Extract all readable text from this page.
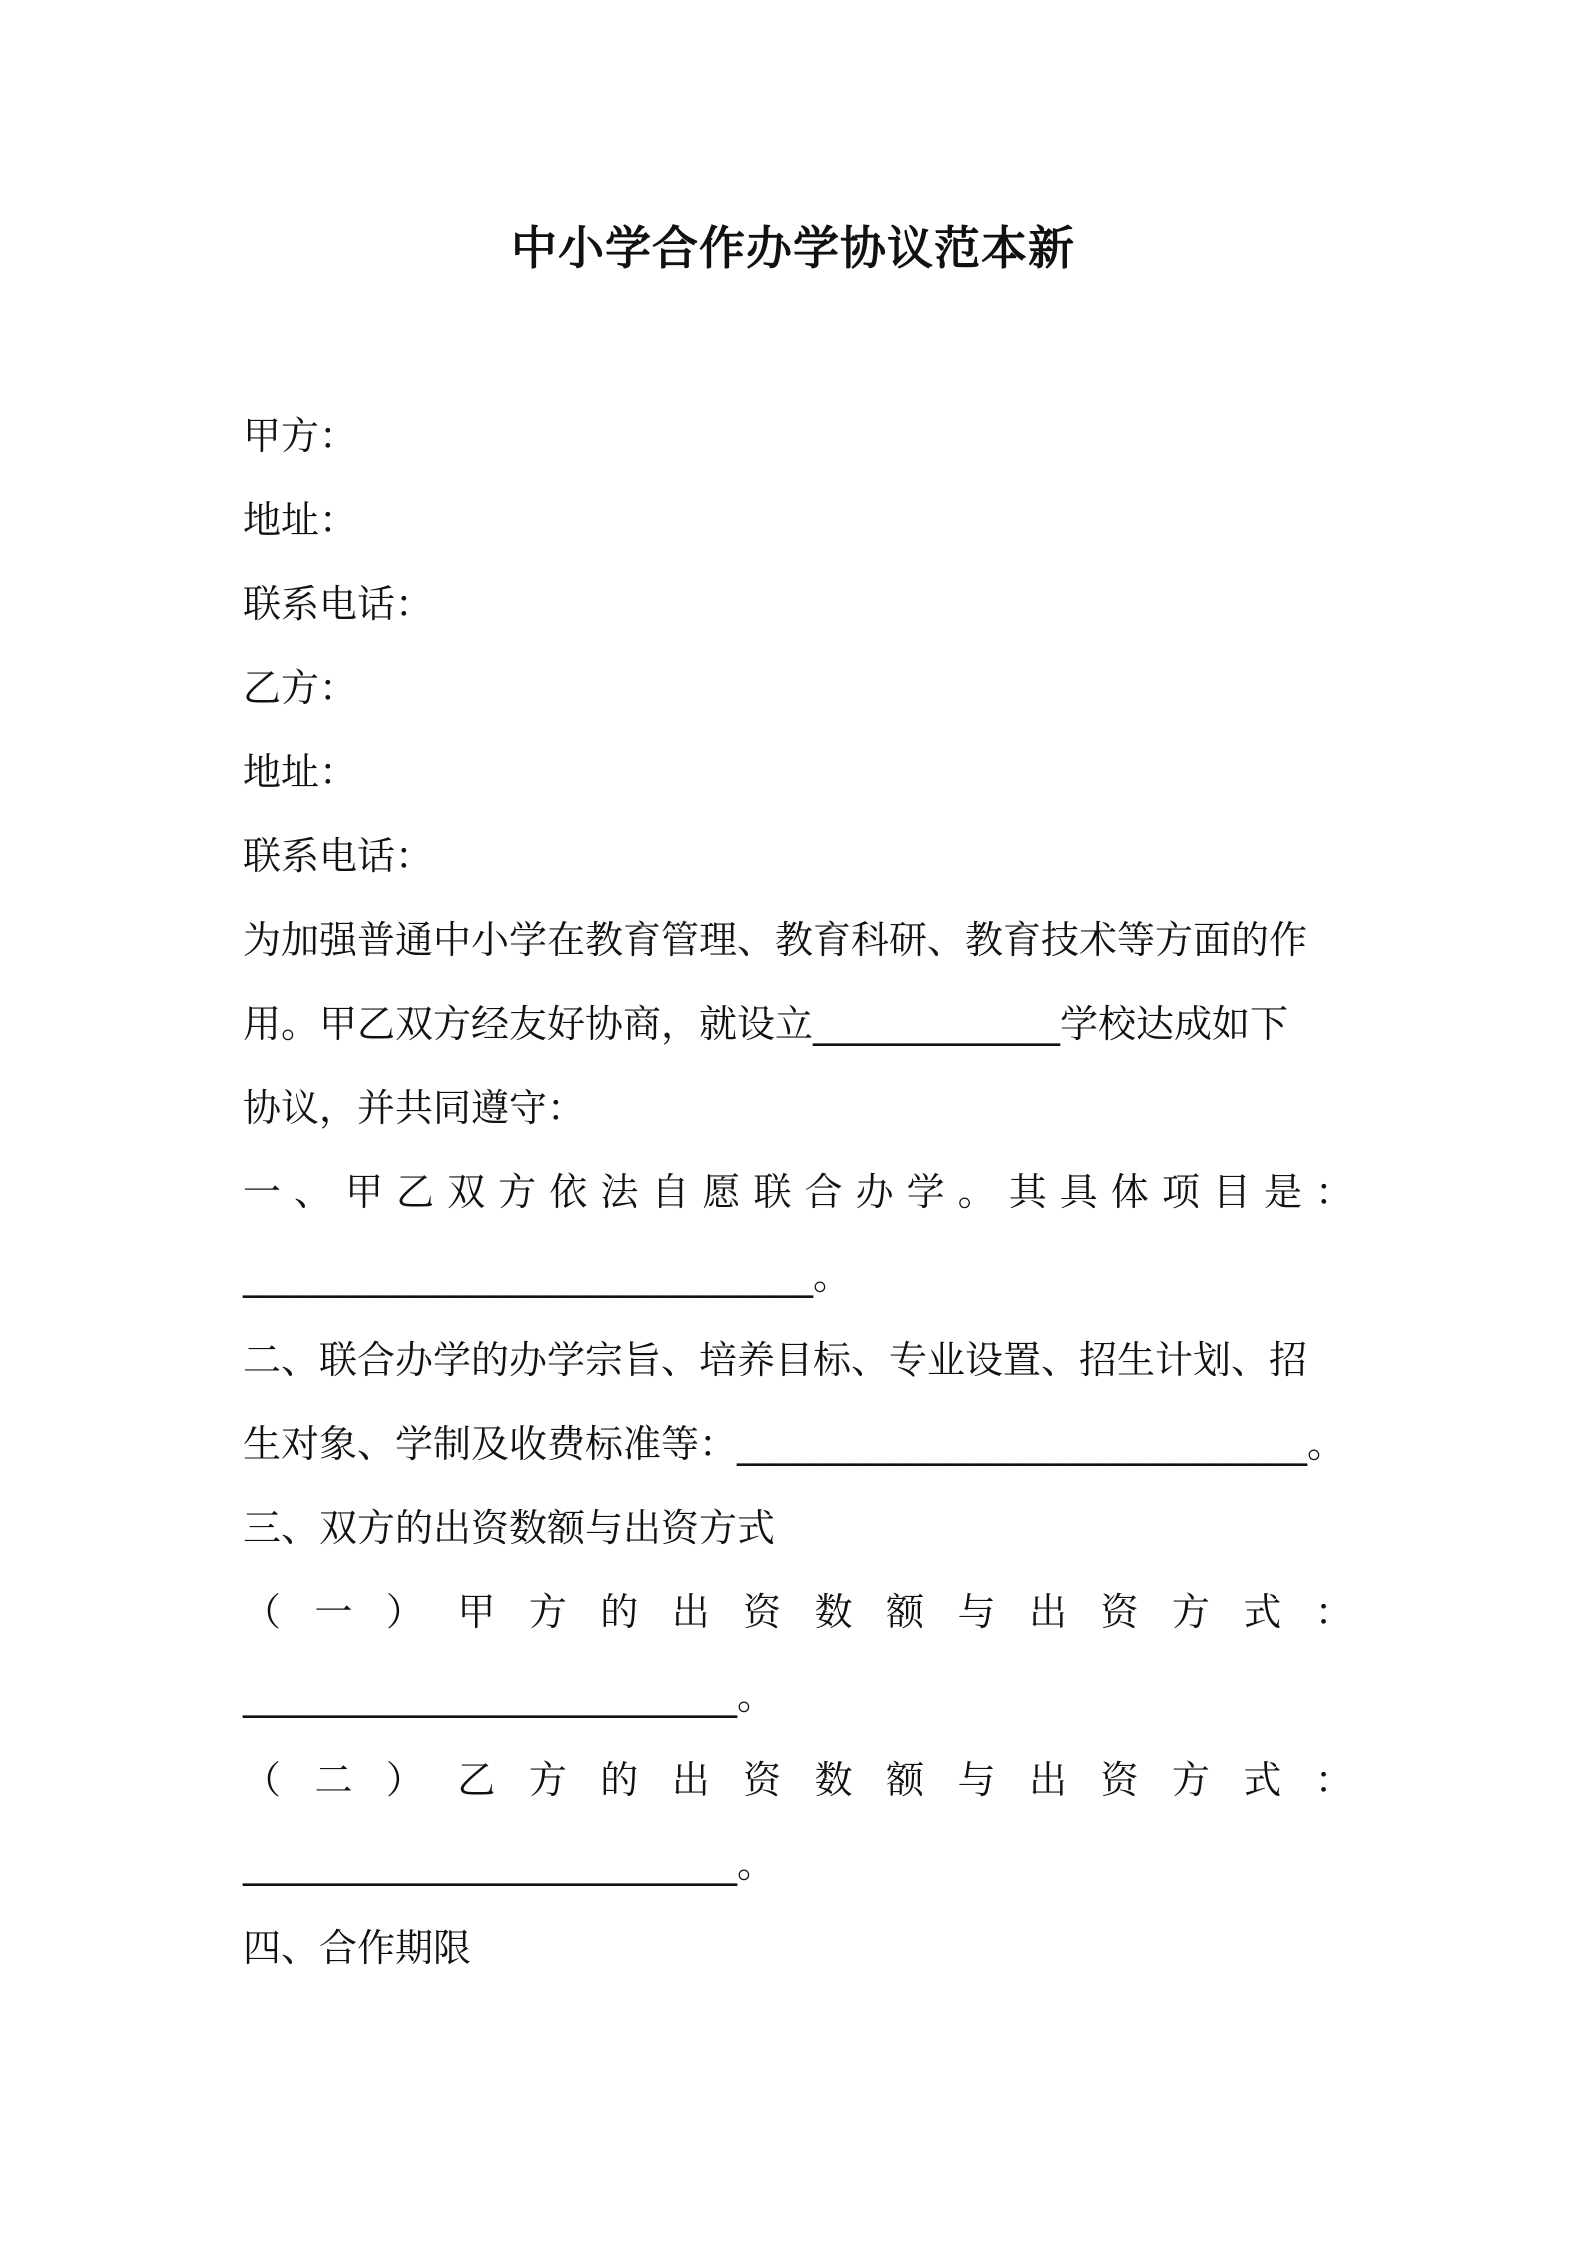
中小学合作办学协议范本新
甲方：
地址：
联系电话：
乙方：
地址：
联系电话：
为加强普通中小学在教育管理、教育科研、教育技术等方面的作
用。甲乙双方经友好协商，就设立_____________学校达成如下
协议，并共同遵守：
一 、 甲 乙 双 方 依 法 自 愿 联 合 办 学 。 其 具 体 项 目 是 ：
______________________________。
二、联合办学的办学宗旨、培养目标、专业设置、招生计划、招
生对象、学制及收费标准等：______________________________。
三、双方的出资数额与出资方式
（ 一 ） 甲 方 的 出 资 数 额 与 出 资 方 式 ：
__________________________。
（ 二 ） 乙 方 的 出 资 数 额 与 出 资 方 式 ：
__________________________。
四、合作期限
